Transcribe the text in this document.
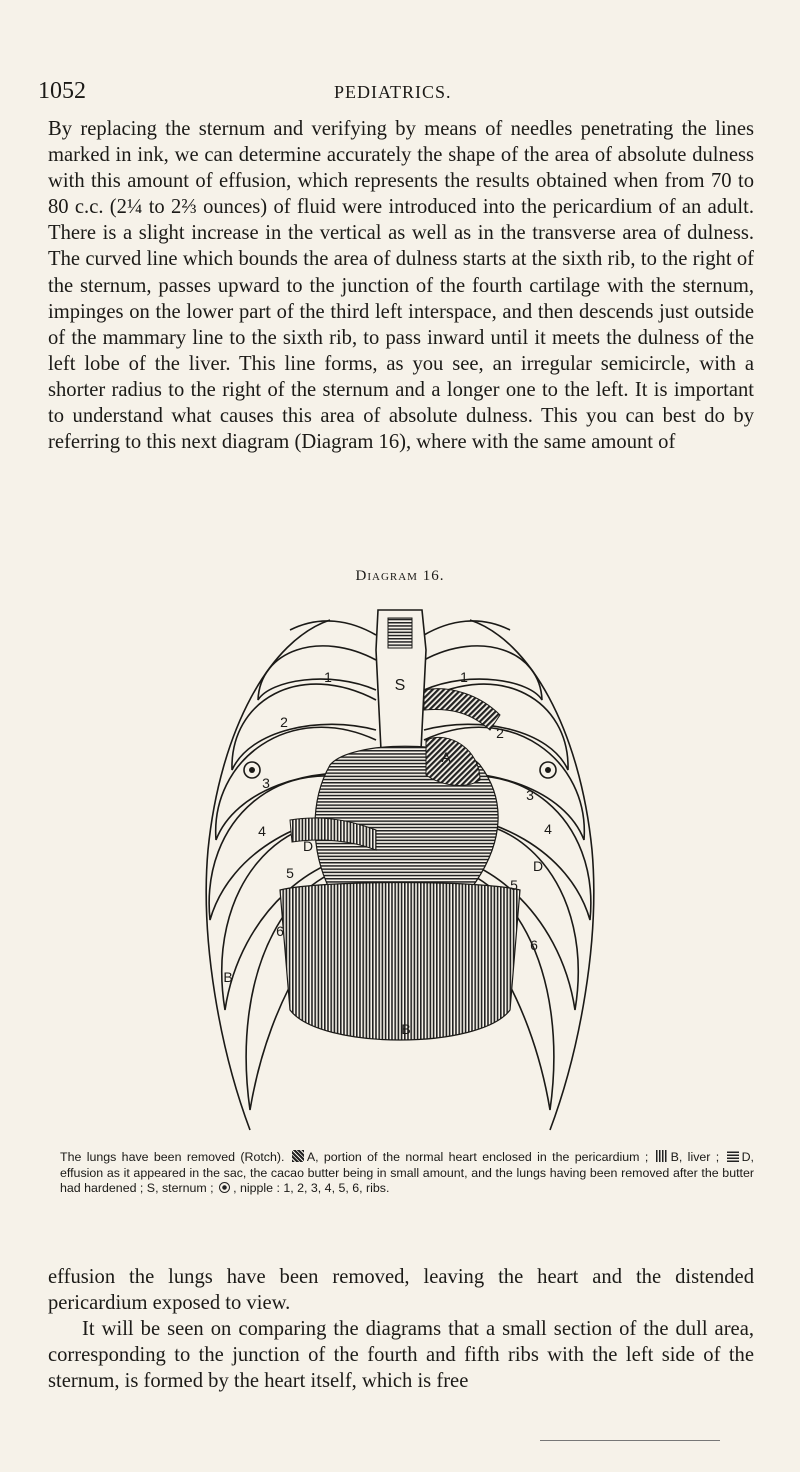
1052	PEDIATRICS.

By replacing the sternum and verifying by means of needles penetrating the lines marked in ink, we can determine accurately the shape of the area of absolute dulness with this amount of effusion, which represents the results obtained when from 70 to 80 c.c. (2¼ to 2⅔ ounces) of fluid were introduced into the pericardium of an adult. There is a slight increase in the vertical as well as in the transverse area of dulness. The curved line which bounds the area of dulness starts at the sixth rib, to the right of the sternum, passes upward to the junction of the fourth cartilage with the sternum, impinges on the lower part of the third left interspace, and then descends just outside of the mammary line to the sixth rib, to pass inward until it meets the dulness of the left lobe of the liver. This line forms, as you see, an irregular semicircle, with a shorter radius to the right of the sternum and a longer one to the left. It is important to understand what causes this area of absolute dulness. This you can best do by referring to this next diagram (Diagram 16), where with the same amount of

Diagram 16.
S
1	1
2
2
3
3
4	4
5
5
6
6
B
B
D
D
A

The lungs have been removed (Rotch). A, portion of the normal heart enclosed in the pericardium ; B, liver ; D, effusion as it appeared in the sac, the cacao butter being in small amount, and the lungs having been removed after the butter had hardened ; S, sternum ; , nipple : 1, 2, 3, 4, 5, 6, ribs.

effusion the lungs have been removed, leaving the heart and the distended pericardium exposed to view.

It will be seen on comparing the diagrams that a small section of the dull area, corresponding to the junction of the fourth and fifth ribs with the left side of the sternum, is formed by the heart itself, which is free
